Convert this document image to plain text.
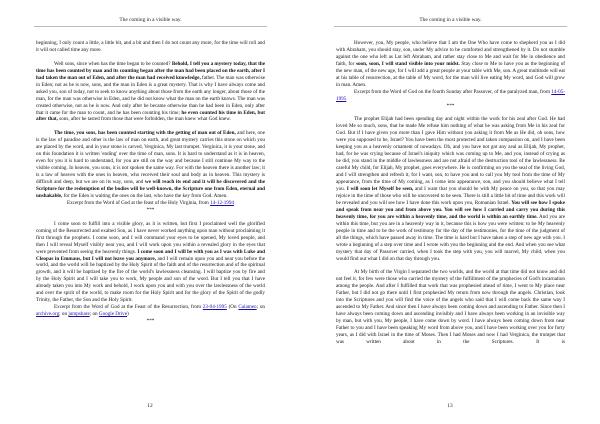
The coming in a visible way.

beginning, I only count a little, a little bit, and a bit and then I do not count any more, for the time will roll and it will not called time any more.

Well sons, since when has the time began to be counted? Behold, I tell you a mystery today, that the time has been counted by man and its counting began after the man had been placed on the earth, after I had taken the man out of Eden, and after the man had received knowledge, father. The man was otherwise in Eden; not as he is now, sons, and the man in Eden is a great mystery. That is why I have always come and asked you, son of today, not to seek to know anything about those from the earth any longer, about those of the man, for the man was otherwise in Eden, and he did not know what the man on the earth knows. The man was created otherwise, not as he is now. And only after he became otherwise than he had been in Eden, only after that it came for the man to count, and he has been counting his time; he even counted his time in Eden, but after that, sons, after he tasted from those that were forbidden, the man knew what God knew.

The time, you sons, has been counted starting with the getting of man out of Eden, and here, one is the law of paradise and other is the law of man on earth, and great mystery carries this stone on which you are placed by the word, and in your stone is carved, Verginica, My last trumpet. Verginica, it is your stone, and on this foundation it is written 'ending' over the time of man, sons. It is hard to understand as it is in heaven, even for you it is hard to understand, for you are still on the way and because I still continue My way to the visible coming. In heaven, you sons, it is not spoken the same way. For with the heaven there is another law; it is a law of heaven with the ones in heaven, who received their soul and body as in heaven. This mystery is difficult and deep, but we are on its way, sons, and we will reach its end and it will be discovered and the Scripture for the redemption of the bodies will be well-known, the Scripture one from Eden, eternal and unshakable, for the Eden is waiting the ones on the last, who have the key from God. Amen.

Excerpt from the Word of God at the feast of the Holy Virginia, from 14-12-1994

***

I come soon to fulfill into a visible glory, as it is written, but first I proclaimed well the glorified coming of the Resurrected and exalted Son, as I have never worked anything upon man without proclaiming it first through the prophets. I come soon, and I will command your eyes to be opened, My loved people, and then I will reveal Myself visibly near you, and I will work upon you within a revealed glory in the eyes that were prevented from seeing the heavenly things. I come soon and I will be with you as I was with Luke and Cleopas in Emmaus, but I will not leave you anymore, and I will remain upon you and near you before the world, and the world will be baptized by the Holy Spirit of the faith and of the resurrection and of the spiritual growth, and it will be baptized by the fire of the world's lawlessness cleansing. I will baptize you by fire and by the Holy Spirit and I will take you to work, My people and son of the word. But I tell you that I have already taken you into My work and behold, I work upon you and with you over the lawlessness of the world and over the spirit of the world, to make room for the Holy Spirit and for the glory of the Spirit of the godly Trinity, the Father, the Son and the Holy Spirit.

Excerpt from the Word of God at the Feast of the Resurrection, from 23-04-1995 (On Calameo; on archive.org; on jumpshare; on Google Drive)

***

12
The coming in a visible way.

However, you, My people, who believe that I am the One Who have come to shepherd you as I did with Abraham, you should stay, son, under My advice to be comforted and strengthened by it. Do not stumble against the one who left as Lot left Abraham, and rather stay close to Me and wait for Me in obedience and faith, for soon, soon, I will stand visible into your midst. Stay close to Me to have you as the beginning of the new man, of the new age, for I will add a great people at your table with Me, son. A great multitude will eat at his table of resurrection, at the table of My word, for the man will live eating My word, and God will grow in man. Amen.

Excerpt from the Word of God on the fourth Sunday after Passover, of the paralyzed man, from 14-05-1995

***

The prophet Elijah had been spending day and night within the work for his zeal after God. He had loved Me so much, sons, that he made Me refuse him nothing of what he was asking from Me in his zeal for God. But if I have given you more than I gave Him without you asking it from Me as He did, oh sons, how were you supposed to be, Israel? You have been the most protected and taken compassion on, and I have been keeping you as a heavenly ornament of nowadays. Oh, and you have not got any zeal as Elijah, My prophet, had, for he was crying because of Israel's iniquity which was coming up to Me, and you, instead of crying as he did, you stand in the middle of lawlessness and are not afraid of the destruction tool of the lawlessness. Be careful My child, for Elijah, My prophet, goes everywhere. He is confirming on you the seal of the living God, and I will strengthen and refresh it, for I want, son, to have you and to call you My tool from the time of My appearance, from the time of My coming, as I come into appearance, son, and you should believe what I tell you. I will soon let Myself be seen, and I want that you should be with My peace on you, so that you may rejoice in the time of those who will be uncovered to be seen. There is still a little bit of time and this work will be revealed and you will see how I have done this work upon you, Romanian Israel. You will see how I spoke and speak from near you and from above you. You will see how I carried and carry you during this heavenly time, for you are within a heavenly time, and the world is within an earthly time. And you are within this time, but you are in a heavenly way in it, because this is how you were written: to be My heavenly people in time and to be the work of testimony for the day of the testimonies, for the time of the judgment of all the things, which have passed away in time. The time is hard but I have taken a step of new age with you. I wrote a beginning of a step over time and I wrote with you the beginning and the end. And when you see what mystery that day of Passover carried, when I took the step with you, you will marvel, My child, when you would find out what I did on that day through you.

At My birth of the Virgin I separated the two worlds, and the world at that time did not know and did not feel it, for few were those who carried the mystery of the fulfillment of the prophecies of God's incarnation among the people. And after I fulfilled that work that was prophesied ahead of time, I went to My place near Father, but I did not go there until I first prophesied My return from now through the angels. Christian, look into the Scriptures and you will find the voice of the angels who said that I will come back the same way I ascended to My Father. And since then I have always been coming down and ascending to Father. Since then I have always been coming down and ascending invisibly and I have always been working in an invisible way by man, but with you, My people, I have come down by word. I have always been coming down from near Father to you and I have been speaking My word from above you, and I have been working over you for forty years, as I did with Israel in the time of Moses. Then I had Moses and now I had Verginica, the trumpet that was written about in the Scriptures. It is

13
